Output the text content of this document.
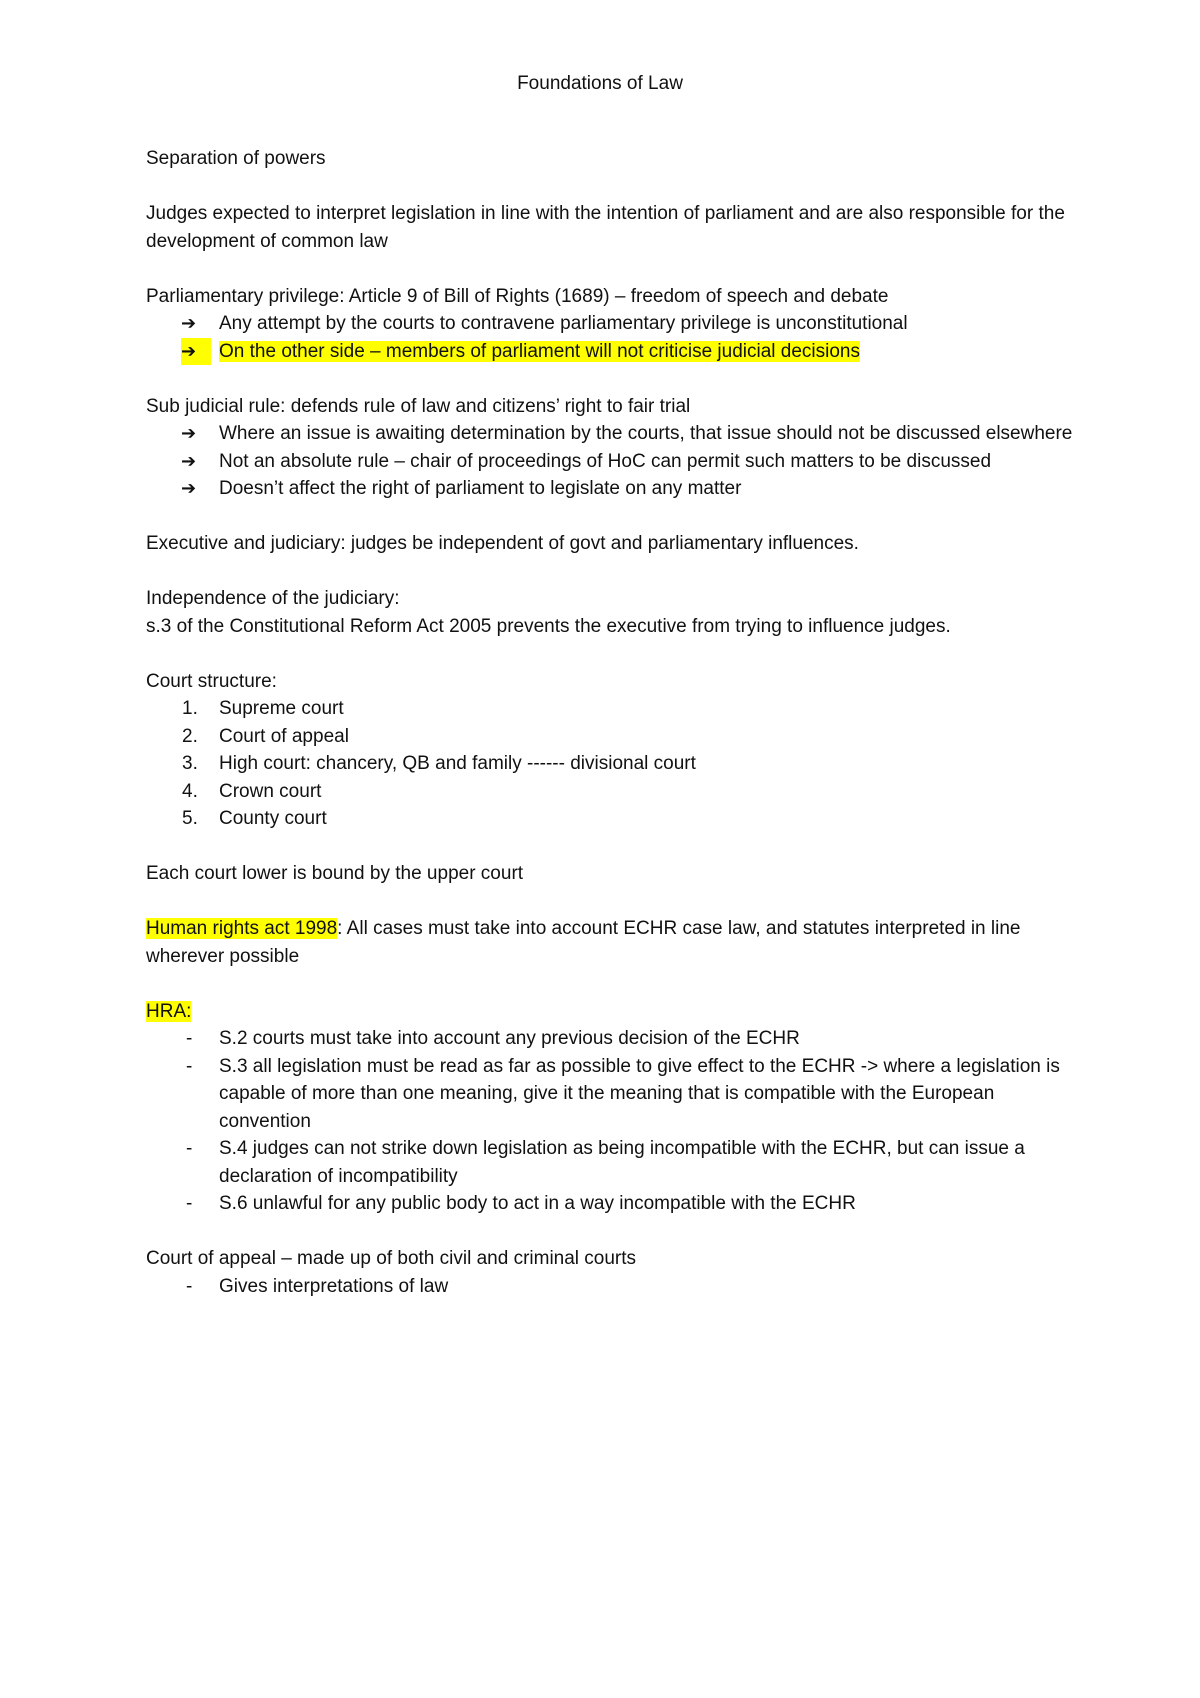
Foundations of Law

Separation of powers

Judges expected to interpret legislation in line with the intention of parliament and are also responsible for the development of common law

Parliamentary privilege: Article 9 of Bill of Rights (1689) – freedom of speech and debate

➔	Any attempt by the courts to contravene parliamentary privilege is unconstitutional
➔	On the other side – members of parliament will not criticise judicial decisions

Sub judicial rule: defends rule of law and citizens’ right to fair trial

➔	Where an issue is awaiting determination by the courts, that issue should not be discussed elsewhere
➔	Not an absolute rule – chair of proceedings of HoC can permit such matters to be discussed
➔	Doesn’t affect the right of parliament to legislate on any matter

Executive and judiciary: judges be independent of govt and parliamentary influences.

Independence of the judiciary:

s.3 of the Constitutional Reform Act 2005 prevents the executive from trying to influence judges.

Court structure:

1.	Supreme court
2.	Court of appeal
3.	High court: chancery, QB and family ------ divisional court
4.	Crown court
5.	County court

Each court lower is bound by the upper court

Human rights act 1998: All cases must take into account ECHR case law, and statutes interpreted in line wherever possible

HRA:

-	S.2 courts must take into account any previous decision of the ECHR
-	S.3 all legislation must be read as far as possible to give effect to the ECHR -> where a legislation is capable of more than one meaning, give it the meaning that is compatible with the European convention
-	S.4 judges can not strike down legislation as being incompatible with the ECHR, but can issue a declaration of incompatibility
-	S.6 unlawful for any public body to act in a way incompatible with the ECHR

Court of appeal – made up of both civil and criminal courts

-	Gives interpretations of law
